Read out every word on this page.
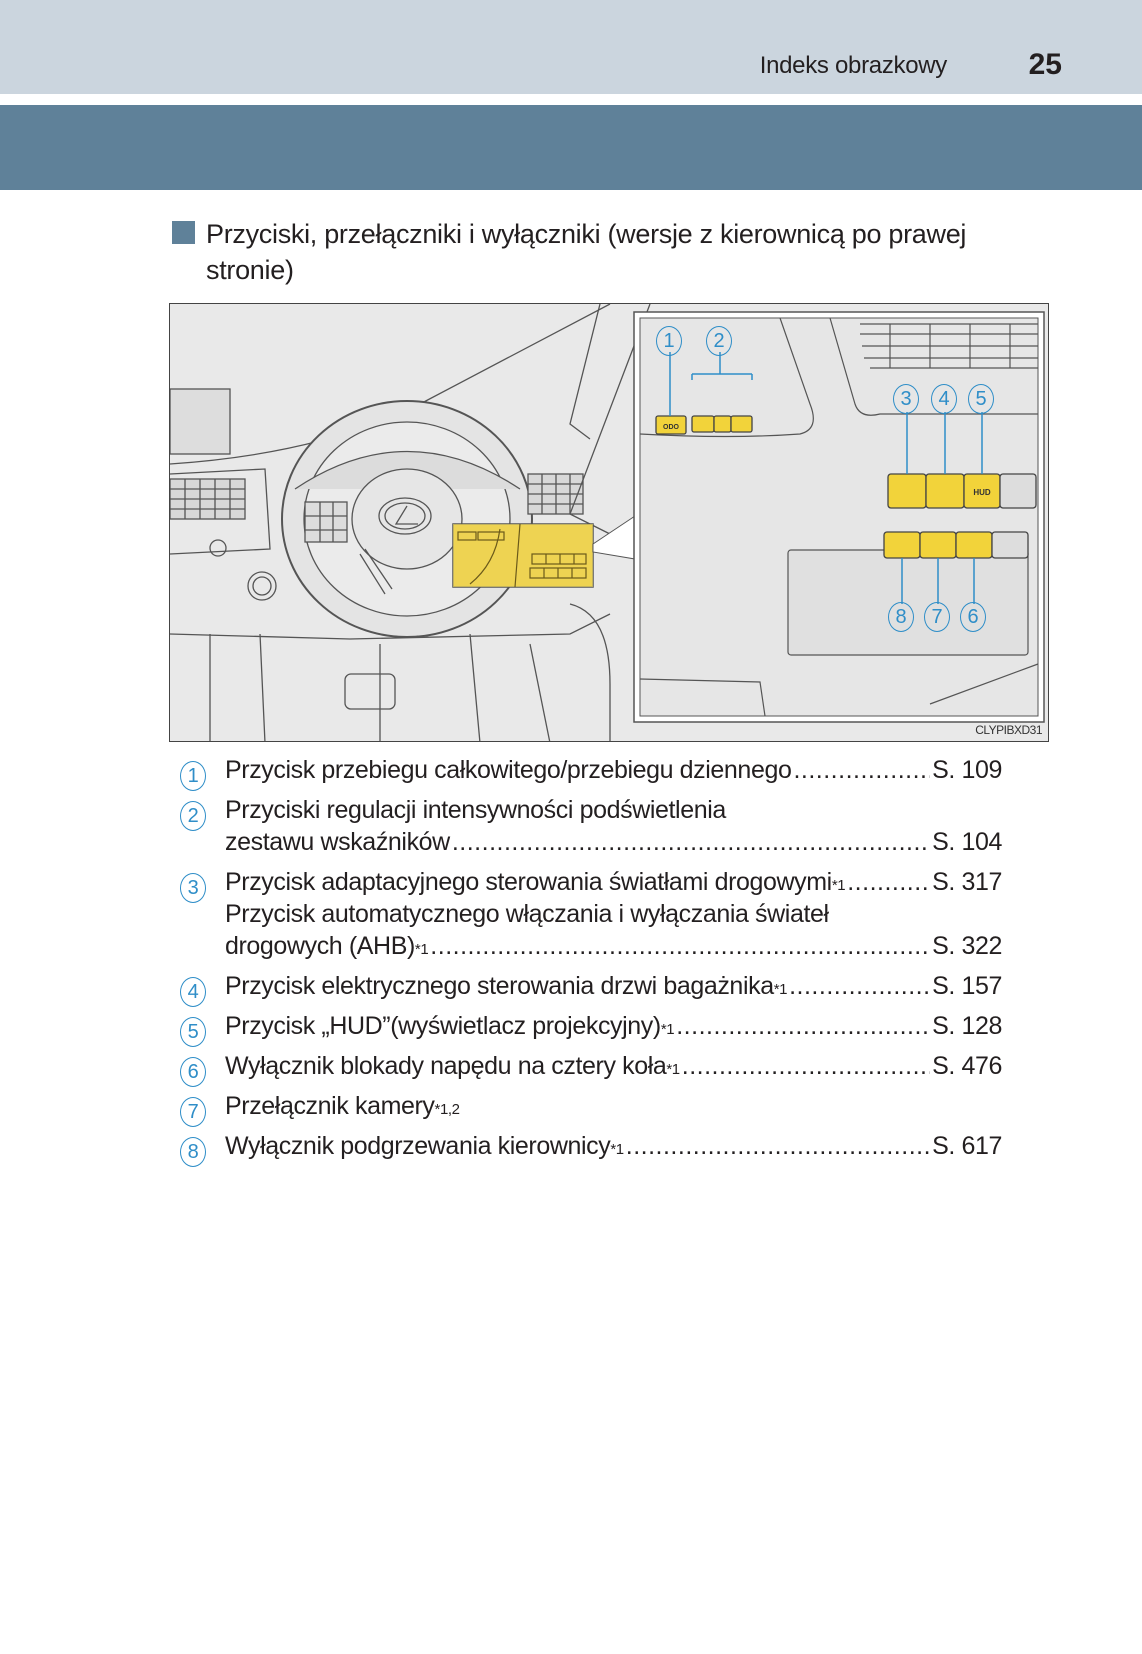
Indeks obrazkowy	25
Przyciski, przełączniki i wyłączniki (wersje z kierownicą po prawej stronie)
ODO
HUD
1	2
3	4	5
8	7	6
CLYPIBXD31
1	Przycisk przebiegu całkowitego/przebiegu dziennego .....	S. 109
2	Przyciski regulacji intensywności podświetlenia
zestawu wskaźników .....	S. 104
3	Przycisk adaptacyjnego sterowania światłami drogowymi *1 .....	S. 317
Przycisk automatycznego włączania i wyłączania świateł
drogowych (AHB) *1 .....	S. 322
4	Przycisk elektrycznego sterowania drzwi bagażnika *1 .....	S. 157
5	Przycisk „HUD”(wyświetlacz projekcyjny) *1 .....	S. 128
6	Wyłącznik blokady napędu na cztery koła *1 .....	S. 476
7	Przełącznik kamery *1,2
8	Wyłącznik podgrzewania kierownicy *1 .....	S. 617
